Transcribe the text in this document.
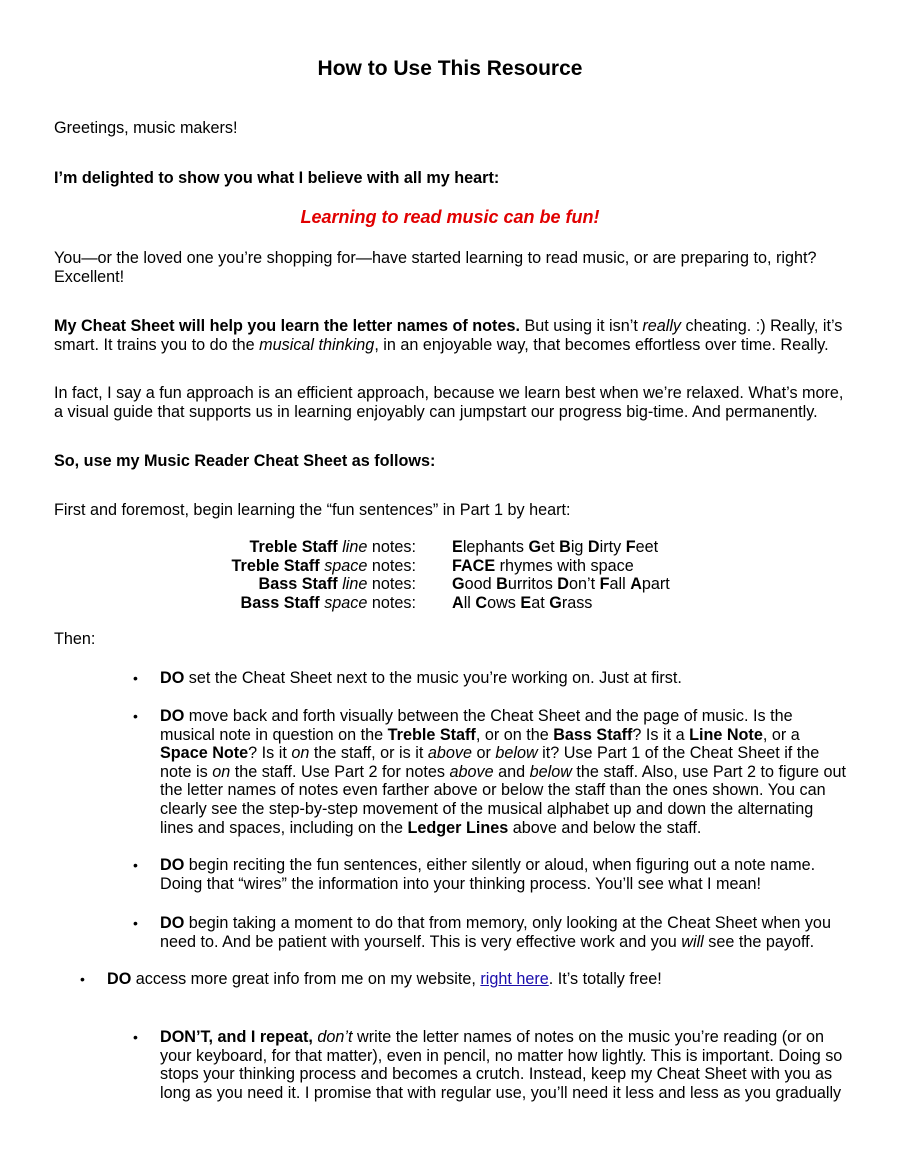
How to Use This Resource

Greetings, music makers!

I’m delighted to show you what I believe with all my heart:

Learning to read music can be fun!
You—or the loved one you’re shopping for—have started learning to read music, or are preparing to, right?
Excellent!
My Cheat Sheet will help you learn the letter names of notes. But using it isn’t really cheating. :) Really, it’s
smart. It trains you to do the musical thinking, in an enjoyable way, that becomes effortless over time. Really.
In fact, I say a fun approach is an efficient approach, because we learn best when we’re relaxed. What’s more,
a visual guide that supports us in learning enjoyably can jumpstart our progress big-time. And permanently.

So, use my Music Reader Cheat Sheet as follows:

First and foremost, begin learning the “fun sentences” in Part 1 by heart:

Treble Staff line notes: Elephants Get Big Dirty Feet
Treble Staff space notes: FACE rhymes with space
Bass Staff line notes: Good Burritos Don’t Fall Apart
Bass Staff space notes: All Cows Eat Grass

Then:

• DO set the Cheat Sheet next to the music you’re working on. Just at first.
• DO move back and forth visually between the Cheat Sheet and the page of music. Is the
musical note in question on the Treble Staff, or on the Bass Staff? Is it a Line Note, or a
Space Note? Is it on the staff, or is it above or below it? Use Part 1 of the Cheat Sheet if the
note is on the staff. Use Part 2 for notes above and below the staff. Also, use Part 2 to figure out
the letter names of notes even farther above or below the staff than the ones shown. You can
clearly see the step-by-step movement of the musical alphabet up and down the alternating
lines and spaces, including on the Ledger Lines above and below the staff.
• DO begin reciting the fun sentences, either silently or aloud, when figuring out a note name.
Doing that “wires” the information into your thinking process. You’ll see what I mean!
• DO begin taking a moment to do that from memory, only looking at the Cheat Sheet when you
need to. And be patient with yourself. This is very effective work and you will see the payoff.
• DO access more great info from me on my website, right here. It’s totally free!
• DON’T, and I repeat, don’t write the letter names of notes on the music you’re reading (or on
your keyboard, for that matter), even in pencil, no matter how lightly. This is important. Doing so
stops your thinking process and becomes a crutch. Instead, keep my Cheat Sheet with you as
long as you need it. I promise that with regular use, you’ll need it less and less as you gradually
